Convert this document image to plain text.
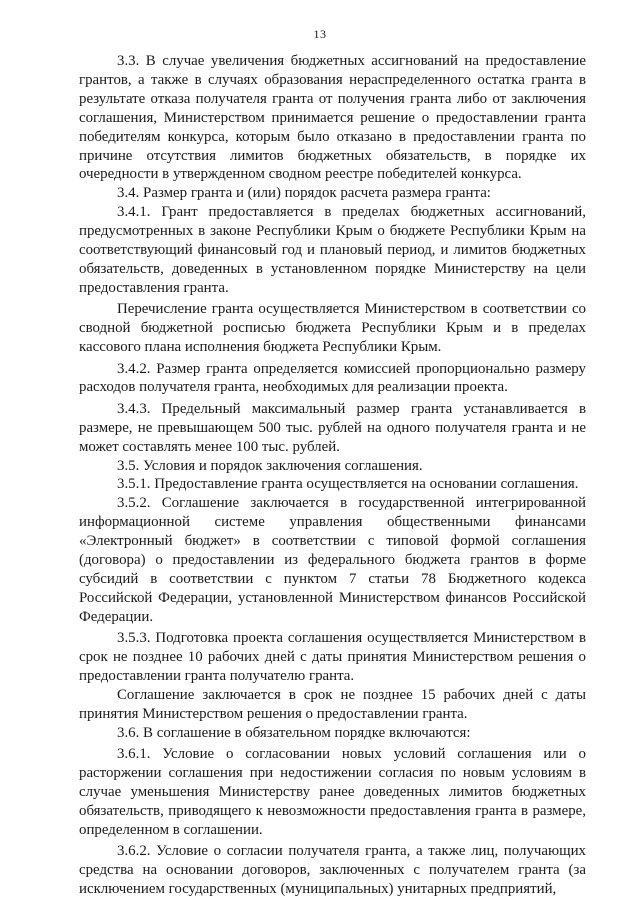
13

3.3. В случае увеличения бюджетных ассигнований на предоставление грантов, а также в случаях образования нераспределенного остатка гранта в результате отказа получателя гранта от получения гранта либо от заключения соглашения, Министерством принимается решение о предоставлении гранта победителям конкурса, которым было отказано в предоставлении гранта по причине отсутствия лимитов бюджетных обязательств, в порядке их очередности в утвержденном сводном реестре победителей конкурса.

3.4. Размер гранта и (или) порядок расчета размера гранта:

3.4.1. Грант предоставляется в пределах бюджетных ассигнований, предусмотренных в законе Республики Крым о бюджете Республики Крым на соответствующий финансовый год и плановый период, и лимитов бюджетных обязательств, доведенных в установленном порядке Министерству на цели предоставления гранта.

Перечисление гранта осуществляется Министерством в соответствии со сводной бюджетной росписью бюджета Республики Крым и в пределах кассового плана исполнения бюджета Республики Крым.

3.4.2. Размер гранта определяется комиссией пропорционально размеру расходов получателя гранта, необходимых для реализации проекта.

3.4.3. Предельный максимальный размер гранта устанавливается в размере, не превышающем 500 тыс. рублей на одного получателя гранта и не может составлять менее 100 тыс. рублей.

3.5. Условия и порядок заключения соглашения.

3.5.1. Предоставление гранта осуществляется на основании соглашения.

3.5.2. Соглашение заключается в государственной интегрированной информационной системе управления общественными финансами «Электронный бюджет» в соответствии с типовой формой соглашения (договора) о предоставлении из федерального бюджета грантов в форме субсидий в соответствии с пунктом 7 статьи 78 Бюджетного кодекса Российской Федерации, установленной Министерством финансов Российской Федерации.

3.5.3. Подготовка проекта соглашения осуществляется Министерством в срок не позднее 10 рабочих дней с даты принятия Министерством решения о предоставлении гранта получателю гранта.

Соглашение заключается в срок не позднее 15 рабочих дней с даты принятия Министерством решения о предоставлении гранта.

3.6. В соглашение в обязательном порядке включаются:

3.6.1. Условие о согласовании новых условий соглашения или о расторжении соглашения при недостижении согласия по новым условиям в случае уменьшения Министерству ранее доведенных лимитов бюджетных обязательств, приводящего к невозможности предоставления гранта в размере, определенном в соглашении.

3.6.2. Условие о согласии получателя гранта, а также лиц, получающих средства на основании договоров, заключенных с получателем гранта (за исключением государственных (муниципальных) унитарных предприятий,
